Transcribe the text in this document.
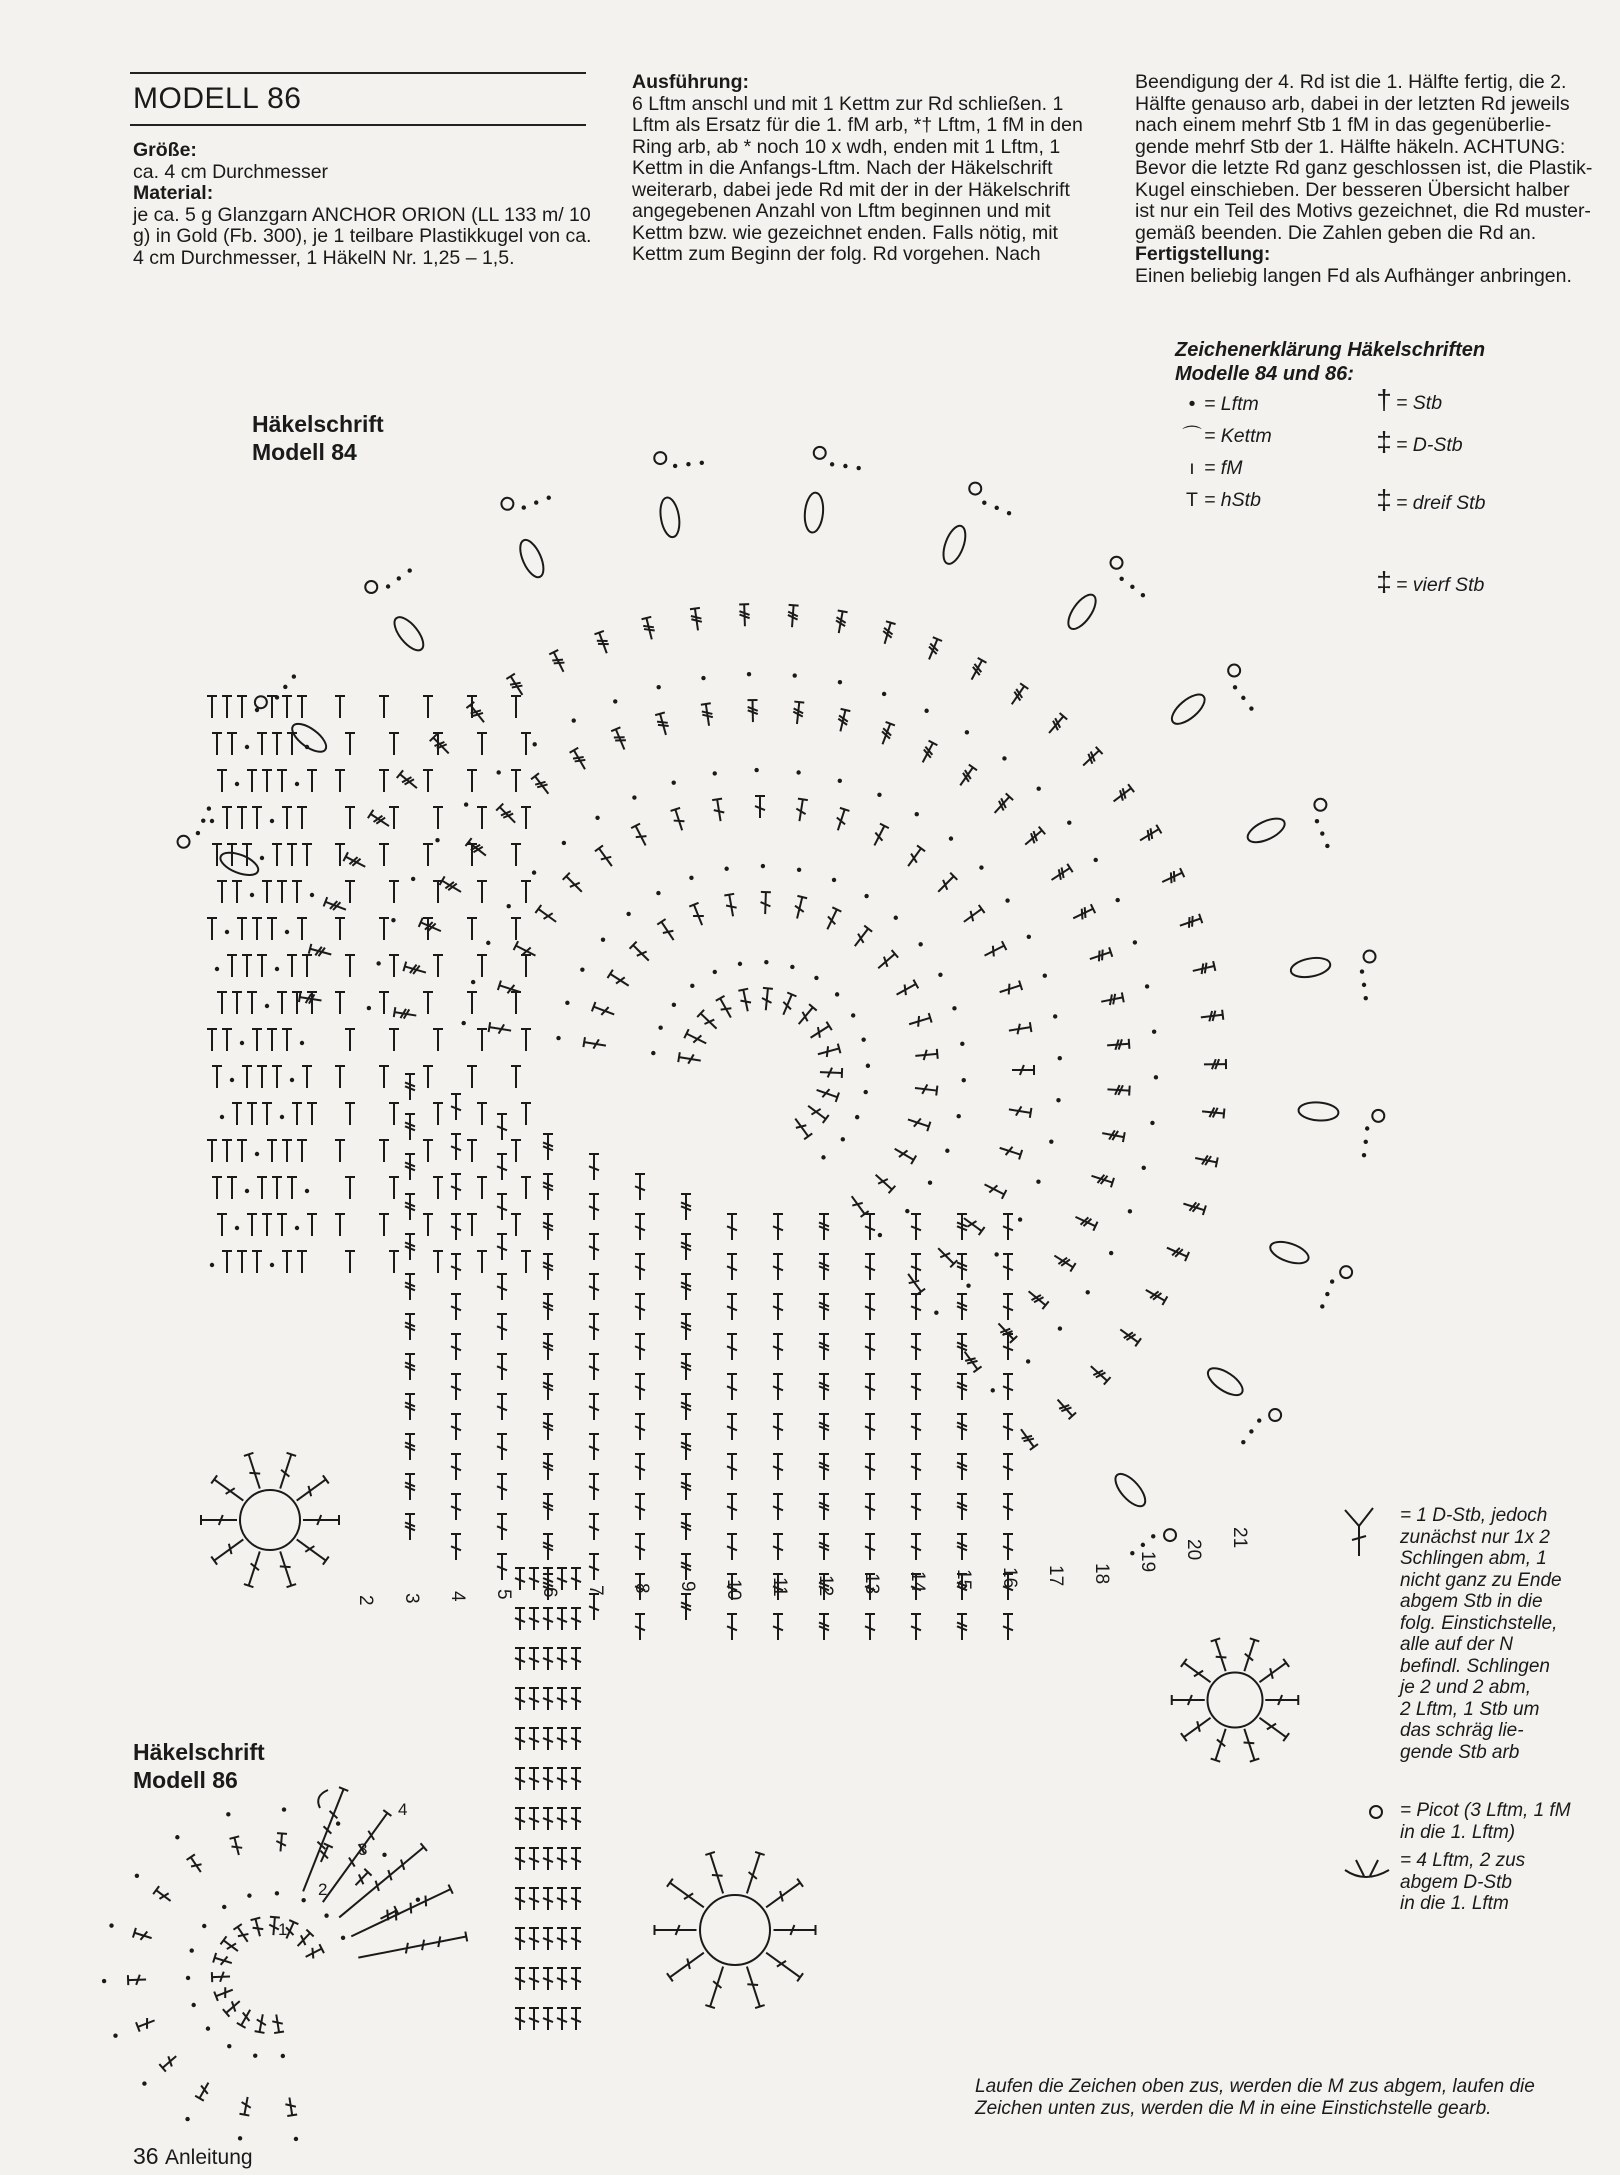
MODELL 86
Größe:
ca. 4 cm Durchmesser
Material:
je ca. 5 g Glanzgarn ANCHOR ORION (LL 133 m/ 10
g) in Gold (Fb. 300), je 1 teilbare Plastikkugel von ca.
4 cm Durchmesser, 1 HäkelN Nr. 1,25 – 1,5.
Ausführung:
6 Lftm anschl und mit 1 Kettm zur Rd schließen. 1
Lftm als Ersatz für die 1. fM arb, *† Lftm, 1 fM in den
Ring arb, ab * noch 10 x wdh, enden mit 1 Lftm, 1
Kettm in die Anfangs-Lftm. Nach der Häkelschrift
weiterarb, dabei jede Rd mit der in der Häkelschrift
angegebenen Anzahl von Lftm beginnen und mit
Kettm bzw. wie gezeichnet enden. Falls nötig, mit
Kettm zum Beginn der folg. Rd vorgehen. Nach
Beendigung der 4. Rd ist die 1. Hälfte fertig, die 2.
Hälfte genauso arb, dabei in der letzten Rd jeweils
nach einem mehrf Stb 1 fM in das gegenüberlie-
gende mehrf Stb der 1. Hälfte häkeln. ACHTUNG:
Bevor die letzte Rd ganz geschlossen ist, die Plastik-
Kugel einschieben. Der besseren Übersicht halber
ist nur ein Teil des Motivs gezeichnet, die Rd muster-
gemäß beenden. Die Zahlen geben die Rd an.
Fertigstellung:
Einen beliebig langen Fd als Aufhänger anbringen.
Zeichenerklärung Häkelschriften
Modelle 84 und 86:
• = Lftm
⌒ = Kettm
ı = fM
T = hStb
† = Stb
‡ = D-Stb
‡ = dreif Stb
‡ = vierf Stb
= 1 D-Stb, jedoch
zunächst nur 1x 2
Schlingen abm, 1
nicht ganz zu Ende
abgem Stb in die
folg. Einstichstelle,
alle auf der N
befindl. Schlingen
je 2 und 2 abm,
2 Lftm, 1 Stb um
das schräg lie-
gende Stb arb
= Picot (3 Lftm, 1 fM
in die 1. Lftm)
= 4 Lftm, 2 zus
abgem D-Stb
in die 1. Lftm
Häkelschrift
Modell 84
Häkelschrift
Modell 86
Laufen die Zeichen oben zus, werden die M zus abgem, laufen die
Zeichen unten zus, werden die M in eine Einstichstelle gearb.
36 Anleitung
2 3 4 5 6 7 8 9 10 11 12 13 14 15 16 17 18
19
20
21
1
2
3
4
